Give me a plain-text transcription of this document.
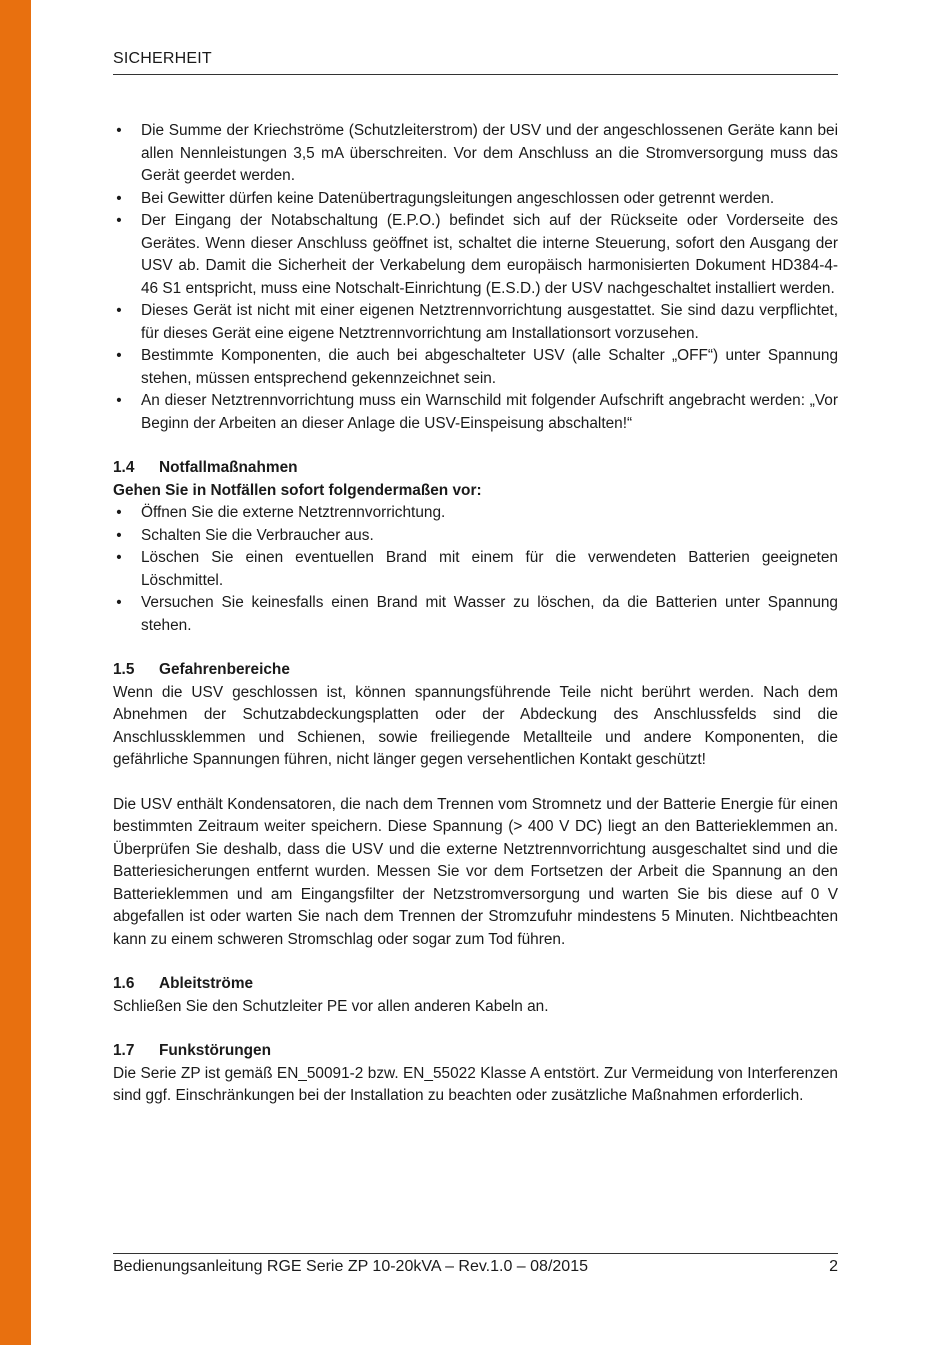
SICHERHEIT
• Die Summe der Kriechströme (Schutzleiterstrom) der USV und der angeschlossenen Geräte kann bei allen Nennleistungen 3,5 mA überschreiten. Vor dem Anschluss an die Stromversorgung muss das Gerät geerdet werden.
• Bei Gewitter dürfen keine Datenübertragungsleitungen angeschlossen oder getrennt werden.
• Der Eingang der Notabschaltung (E.P.O.) befindet sich auf der Rückseite oder Vorderseite des Gerätes. Wenn dieser Anschluss geöffnet ist, schaltet die interne Steuerung, sofort den Ausgang der USV ab. Damit die Sicherheit der Verkabelung dem europäisch harmonisierten Dokument HD384-4-46 S1 entspricht, muss eine Notschalt-Einrichtung (E.S.D.) der USV nachgeschaltet installiert werden.
• Dieses Gerät ist nicht mit einer eigenen Netztrennvorrichtung ausgestattet. Sie sind dazu verpflichtet, für dieses Gerät eine eigene Netztrennvorrichtung am Installationsort vorzusehen.
• Bestimmte Komponenten, die auch bei abgeschalteter USV (alle Schalter „OFF“) unter Spannung stehen, müssen entsprechend gekennzeichnet sein.
• An dieser Netztrennvorrichtung muss ein Warnschild mit folgender Aufschrift angebracht werden: „Vor Beginn der Arbeiten an dieser Anlage die USV-Einspeisung abschalten!“
1.4 Notfallmaßnahmen
Gehen Sie in Notfällen sofort folgendermaßen vor:
• Öffnen Sie die externe Netztrennvorrichtung.
• Schalten Sie die Verbraucher aus.
• Löschen Sie einen eventuellen Brand mit einem für die verwendeten Batterien geeigneten Löschmittel.
• Versuchen Sie keinesfalls einen Brand mit Wasser zu löschen, da die Batterien unter Spannung stehen.
1.5 Gefahrenbereiche

Wenn die USV geschlossen ist, können spannungsführende Teile nicht berührt werden. Nach dem Abnehmen der Schutzabdeckungsplatten oder der Abdeckung des Anschlussfelds sind die Anschlussklemmen und Schienen, sowie freiliegende Metallteile und andere Komponenten, die gefährliche Spannungen führen, nicht länger gegen versehentlichen Kontakt geschützt!

Die USV enthält Kondensatoren, die nach dem Trennen vom Stromnetz und der Batterie Energie für einen bestimmten Zeitraum weiter speichern. Diese Spannung (> 400 V DC) liegt an den Batterieklemmen an. Überprüfen Sie deshalb, dass die USV und die externe Netztrennvorrichtung ausgeschaltet sind und die Batteriesicherungen entfernt wurden. Messen Sie vor dem Fortsetzen der Arbeit die Spannung an den Batterieklemmen und am Eingangsfilter der Netzstromversorgung und warten Sie bis diese auf 0 V abgefallen ist oder warten Sie nach dem Trennen der Stromzufuhr mindestens 5 Minuten. Nichtbeachten kann zu einem schweren Stromschlag oder sogar zum Tod führen.

1.6 Ableitströme

Schließen Sie den Schutzleiter PE vor allen anderen Kabeln an.

1.7 Funkstörungen

Die Serie ZP ist gemäß EN_50091-2 bzw. EN_55022 Klasse A entstört. Zur Vermeidung von Interferenzen sind ggf. Einschränkungen bei der Installation zu beachten oder zusätzliche Maßnahmen erforderlich.

Bedienungsanleitung RGE Serie ZP 10-20kVA – Rev.1.0 – 08/2015	2
